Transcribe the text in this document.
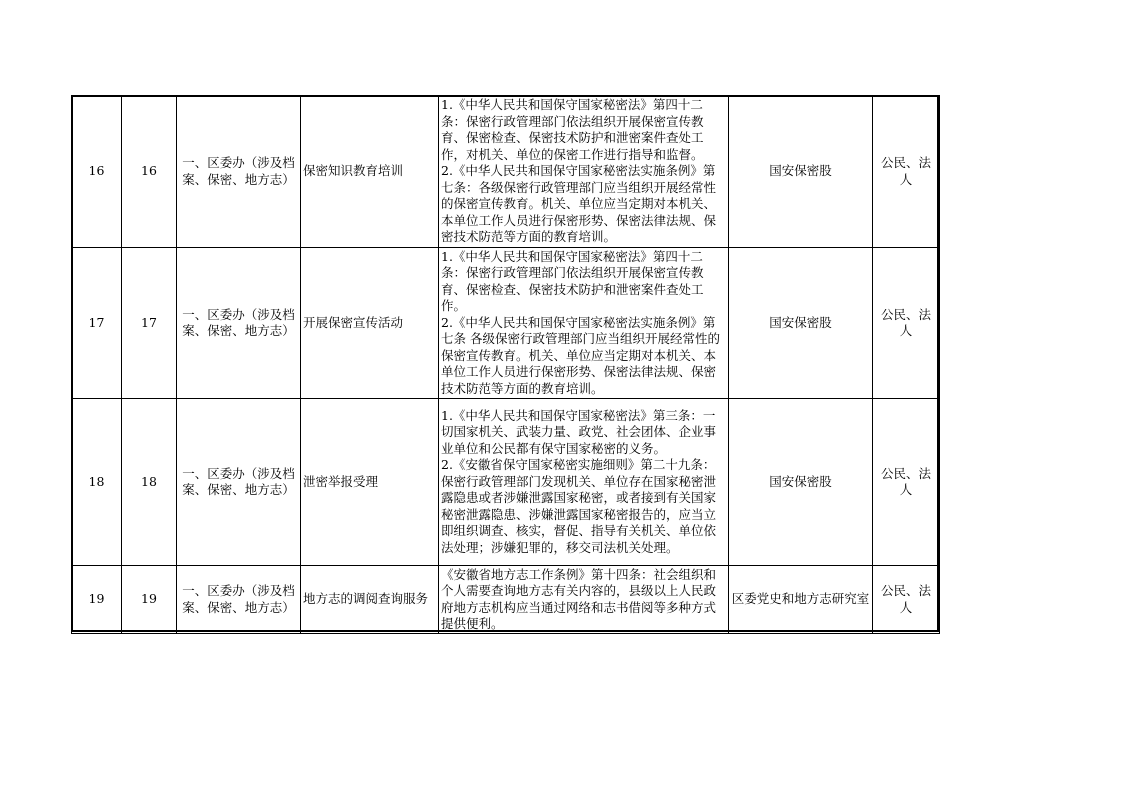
16	16	一、区委办（涉及档案、保密、地方志）	保密知识教育培训	1.《中华人民共和国保守国家秘密法》第四十二条：保密行政管理部门依法组织开展保密宣传教育、保密检查、保密技术防护和泄密案件查处工作，对机关、单位的保密工作进行指导和监督。
2.《中华人民共和国保守国家秘密法实施条例》第七条：各级保密行政管理部门应当组织开展经常性的保密宣传教育。机关、单位应当定期对本机关、本单位工作人员进行保密形势、保密法律法规、保密技术防范等方面的教育培训。	国安保密股	公民、法人
17	17	一、区委办（涉及档案、保密、地方志）	开展保密宣传活动	1.《中华人民共和国保守国家秘密法》第四十二条：保密行政管理部门依法组织开展保密宣传教育、保密检查、保密技术防护和泄密案件查处工作。
2.《中华人民共和国保守国家秘密法实施条例》第七条 各级保密行政管理部门应当组织开展经常性的保密宣传教育。机关、单位应当定期对本机关、本单位工作人员进行保密形势、保密法律法规、保密技术防范等方面的教育培训。	国安保密股	公民、法人
18	18	一、区委办（涉及档案、保密、地方志）	泄密举报受理	1.《中华人民共和国保守国家秘密法》第三条：一切国家机关、武装力量、政党、社会团体、企业事业单位和公民都有保守国家秘密的义务。
2.《安徽省保守国家秘密实施细则》第二十九条：保密行政管理部门发现机关、单位存在国家秘密泄露隐患或者涉嫌泄露国家秘密，或者接到有关国家秘密泄露隐患、涉嫌泄露国家秘密报告的，应当立即组织调查、核实，督促、指导有关机关、单位依法处理；涉嫌犯罪的，移交司法机关处理。	国安保密股	公民、法人
19	19	一、区委办（涉及档案、保密、地方志）	地方志的调阅查询服务	《安徽省地方志工作条例》第十四条：社会组织和个人需要查询地方志有关内容的，县级以上人民政府地方志机构应当通过网络和志书借阅等多种方式提供便利。	区委党史和地方志研究室	公民、法人
